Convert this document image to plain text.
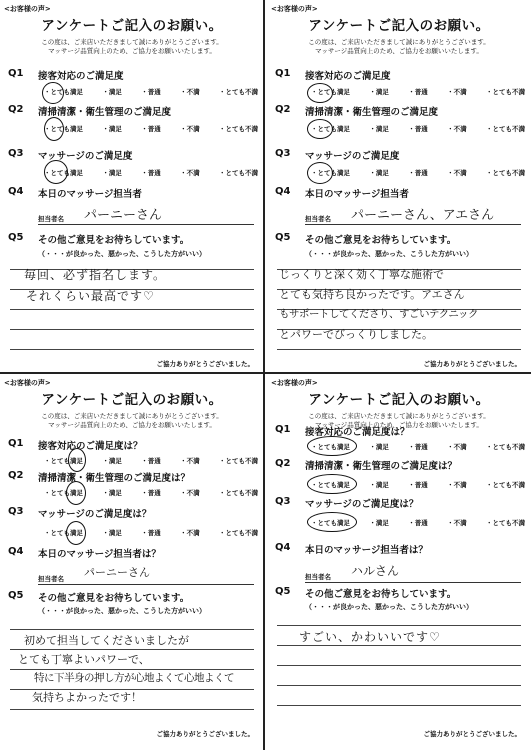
<お客様の声>
アンケートご記入のお願い。
この度は、ご来店いただきまして誠にありがとうございます。
マッサージ品質向上のため、ご協力をお願いいたします。
Q1 接客対応のご満足度
・とても満足	・満足	・普通	・不満	・とても不満
Q2 清掃清潔・衛生管理のご満足度
・とても満足	・満足	・普通	・不満	・とても不満
Q3 マッサージのご満足度
・とても満足	・満足	・普通	・不満	・とても不満
Q4 本日のマッサージ担当者
担当者名 パーニーさん
Q5 その他ご意見をお待ちしています。
（・・・が良かった、悪かった、こうした方がいい）
毎回、必ず指名します。
それくらい最高です♡
ご協力ありがとうございました。
<お客様の声>
アンケートご記入のお願い。
この度は、ご来店いただきまして誠にありがとうございます。
マッサージ品質向上のため、ご協力をお願いいたします。
Q1 接客対応のご満足度
・とても満足	・満足	・普通	・不満	・とても不満
Q2 清掃清潔・衛生管理のご満足度
・とても満足	・満足	・普通	・不満	・とても不満
Q3 マッサージのご満足度
・とても満足	・満足	・普通	・不満	・とても不満
Q4 本日のマッサージ担当者
担当者名 パーニーさん、アエさん
Q5 その他ご意見をお待ちしています。
（・・・が良かった、悪かった、こうした方がいい）
じっくりと深く効く丁寧な施術で
とても気持ち良かったです。アエさん
もサポートしてくださり、すごいテクニック
とパワーでびっくりしました。
ご協力ありがとうございました。
<お客様の声>
アンケートご記入のお願い。
この度は、ご来店いただきまして誠にありがとうございます。
マッサージ品質向上のため、ご協力をお願いいたします。
Q1 接客対応のご満足度は？
・とても満足	・満足	・普通	・不満	・とても不満
Q2 清掃清潔・衛生管理のご満足度は？
・とても満足	・満足	・普通	・不満	・とても不満
Q3 マッサージのご満足度は？
・とても満足	・満足	・普通	・不満	・とても不満
Q4 本日のマッサージ担当者は？
担当者名 パーニーさん
Q5 その他ご意見をお待ちしています。
（・・・が良かった、悪かった、こうした方がいい）
初めて担当してくださいましたが
とても丁寧よいパワーで、
特に下半身の押し方が心地よくて心地よくて
気持ちよかったです！
ご協力ありがとうございました。
<お客様の声>
アンケートご記入のお願い。
この度は、ご来店いただきまして誠にありがとうございます。
マッサージ品質向上のため、ご協力をお願いいたします。
Q1 接客対応のご満足度は？
・とても満足	・満足	・普通	・不満	・とても不満
Q2 清掃清潔・衛生管理のご満足度は？
・とても満足	・満足	・普通	・不満	・とても不満
Q3 マッサージのご満足度は？
・とても満足	・満足	・普通	・不満	・とても不満
Q4 本日のマッサージ担当者は？
担当者名 ハルさん
Q5 その他ご意見をお待ちしています。
（・・・が良かった、悪かった、こうした方がいい）
すごい、かわいいです♡
ご協力ありがとうございました。
